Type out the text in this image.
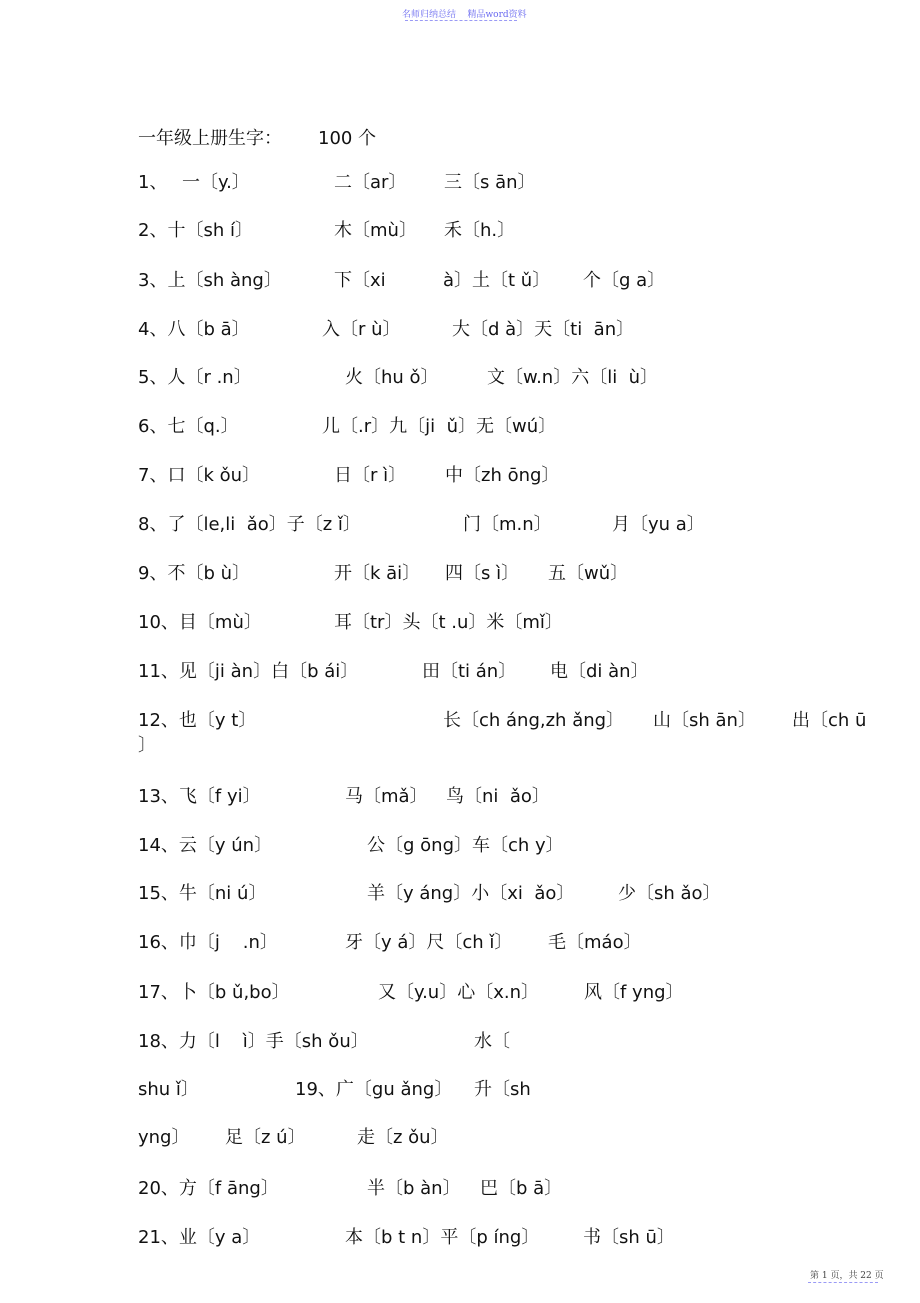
名师归纳总结 精品word资料
一年级上册生字： 100 个
1、 一〔y.〕	二〔ar〕 三〔s ān〕
2、十〔sh í〕	木〔mù〕 禾〔h.〕
3、上〔sh àng〕	下〔xi	à〕土〔t ǔ〕 个〔g a〕
4、八〔b ā〕	入〔r ù〕	大〔d à〕天〔ti  ān〕
5、人〔r .n〕	火〔hu ǒ〕	文〔w.n〕六〔li  ù〕
6、七〔q.〕	儿〔.r〕九〔ji  ǔ〕无〔wú〕
7、口〔k ǒu〕	日〔r ì〕 中〔zh ōng〕
8、了〔le,li  ǎo〕子〔z ǐ〕	门〔m.n〕	月〔yu a〕
9、不〔b ù〕	开〔k āi〕 四〔s ì〕 五〔wǔ〕
10、目〔mù〕	耳〔tr〕头〔t .u〕米〔mǐ〕
11、见〔ji àn〕白〔b ái〕	田〔ti án〕 电〔di àn〕
12、也〔y t〕	长〔ch áng,zh ǎng〕 山〔sh ān〕 出〔ch ū
〕
13、飞〔f yi〕	马〔mǎ〕 鸟〔ni  ǎo〕
14、云〔y ún〕	公〔g ōng〕车〔ch y〕
15、牛〔ni ú〕	羊〔y áng〕小〔xi  ǎo〕 少〔sh ǎo〕
16、巾〔j    .n〕	牙〔y á〕尺〔ch ǐ〕 毛〔máo〕
17、卜〔b ǔ,bo〕	又〔y.u〕心〔x.n〕	风〔f yng〕
18、力〔l    ì〕手〔sh ǒu〕	水〔
shu ǐ〕	19、广〔gu ǎng〕 升〔sh
yng〕 足〔z ú〕	走〔z ǒu〕
20、方〔f āng〕	半〔b àn〕 巴〔b ā〕
21、业〔y a〕	本〔b t n〕平〔p íng〕 书〔sh ū〕
第 1 页，共 22 页
